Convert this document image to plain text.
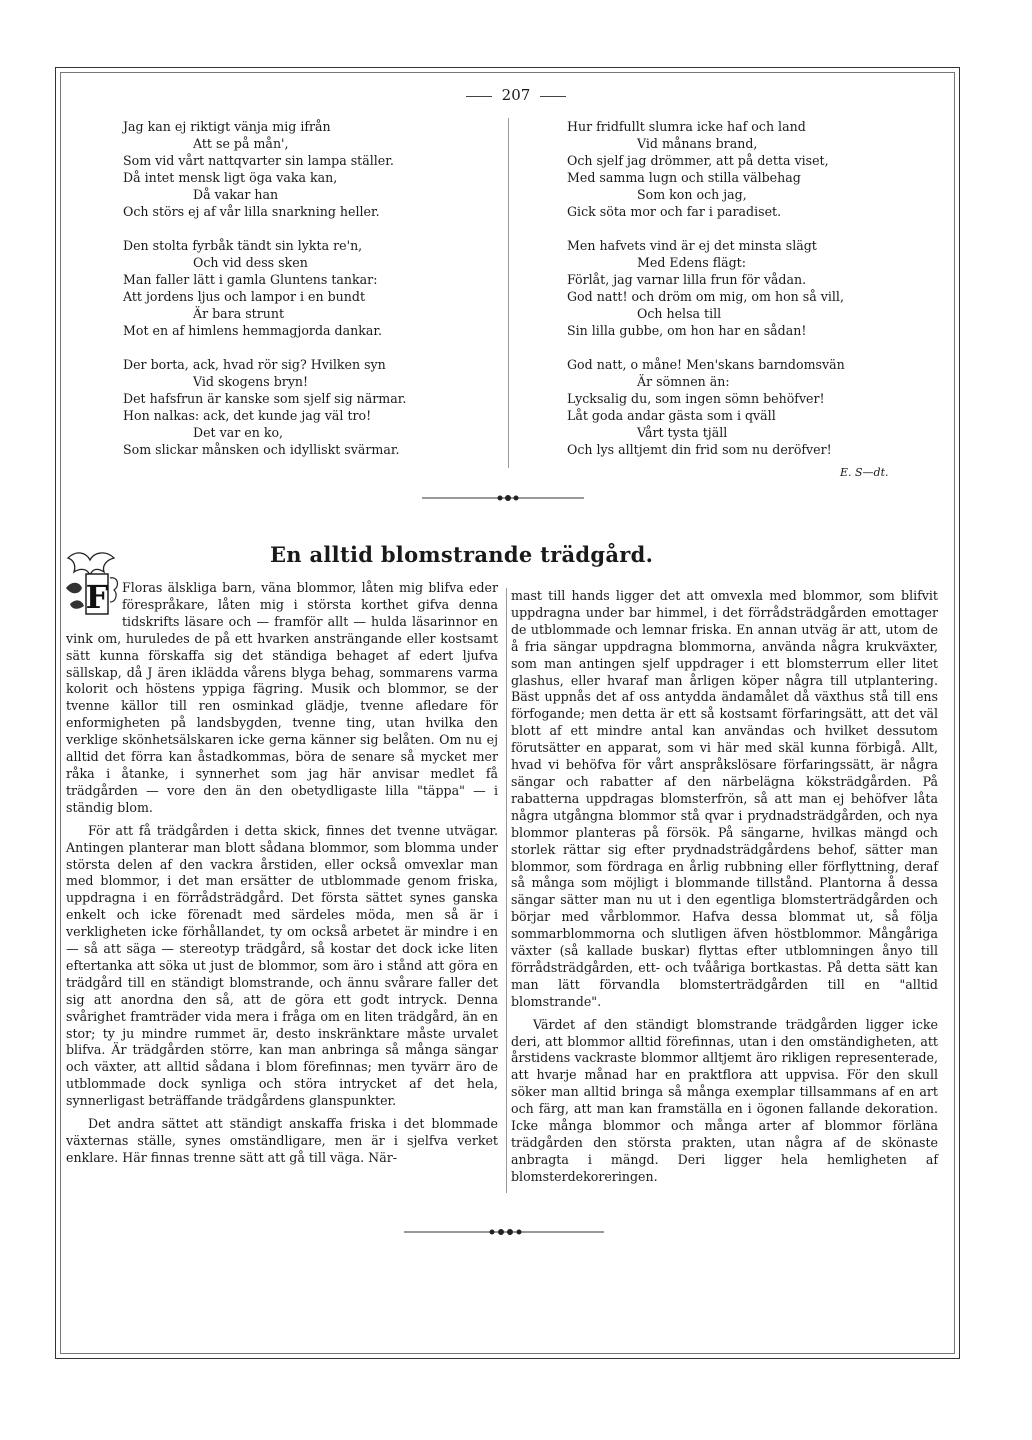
207
Jag kan ej riktigt vänja mig ifrån
Att se på mån',
Som vid vårt nattqvarter sin lampa ställer.
Då intet mensk ligt öga vaka kan,
Då vakar han
Och störs ej af vår lilla snarkning heller.
Den stolta fyrbåk tändt sin lykta re'n,
Och vid dess sken
Man faller lätt i gamla Gluntens tankar:
Att jordens ljus och lampor i en bundt
Är bara strunt
Mot en af himlens hemmagjorda dankar.
Der borta, ack, hvad rör sig? Hvilken syn
Vid skogens bryn!
Det hafsfrun är kanske som sjelf sig närmar.
Hon nalkas: ack, det kunde jag väl tro!
Det var en ko,
Som slickar månsken och idylliskt svärmar.
Hur fridfullt slumra icke haf och land
Vid månans brand,
Och sjelf jag drömmer, att på detta viset,
Med samma lugn och stilla välbehag
Som kon och jag,
Gick söta mor och far i paradiset.
Men hafvets vind är ej det minsta slägt
Med Edens flägt:
Förlåt, jag varnar lilla frun för vådan.
God natt! och dröm om mig, om hon så vill,
Och helsa till
Sin lilla gubbe, om hon har en sådan!
God natt, o måne! Men'skans barndomsvän
Är sömnen än:
Lycksalig du, som ingen sömn behöfver!
Låt goda andar gästa som i qväll
Vårt tysta tjäll
Och lys alltjemt din frid som nu deröfver!
E. S—dt.
F
En alltid blomstrande trädgård.

Floras älskliga barn, väna blommor, låten mig blifva eder förespråkare, låten mig i största korthet gifva denna tidskrifts läsare och — framför allt — hulda läsarinnor en vink om, huruledes de på ett hvarken ansträngande eller kostsamt sätt kunna förskaffa sig det ständiga behaget af edert ljufva sällskap, då J ären iklädda vårens blyga behag, sommarens varma kolorit och höstens yppiga fägring. Musik och blommor, se der tvenne källor till ren osminkad glädje, tvenne afledare för enformigheten på landsbygden, tvenne ting, utan hvilka den verklige skönhetsälskaren icke gerna känner sig belåten. Om nu ej alltid det förra kan åstadkommas, böra de senare så mycket mer råka i åtanke, i synnerhet som jag här anvisar medlet få trädgården — vore den än den obetydligaste lilla "täppa" — i ständig blom.

För att få trädgården i detta skick, finnes det tvenne utvägar. Antingen planterar man blott sådana blommor, som blomma under största delen af den vackra årstiden, eller också omvexlar man med blommor, i det man ersätter de utblommade genom friska, uppdragna i en förrådsträdgård. Det första sättet synes ganska enkelt och icke förenadt med särdeles möda, men så är i verkligheten icke förhållandet, ty om också arbetet är mindre i en — så att säga — stereotyp trädgård, så kostar det dock icke liten eftertanka att söka ut just de blommor, som äro i stånd att göra en trädgård till en ständigt blomstrande, och ännu svårare faller det sig att anordna den så, att de göra ett godt intryck. Denna svårighet framträder vida mera i fråga om en liten trädgård, än en stor; ty ju mindre rummet är, desto inskränktare måste urvalet blifva. Är trädgården större, kan man anbringa så många sängar och växter, att alltid sådana i blom förefinnas; men tyvärr äro de utblommade dock synliga och störa intrycket af det hela, synnerligast beträffande trädgårdens glanspunkter.

Det andra sättet att ständigt anskaffa friska i det blommade växternas ställe, synes omständligare, men är i sjelfva verket enklare. Här finnas trenne sätt att gå till väga. När-

mast till hands ligger det att omvexla med blommor, som blifvit uppdragna under bar himmel, i det förrådsträdgården emottager de utblommade och lemnar friska. En annan utväg är att, utom de å fria sängar uppdragna blommorna, använda några krukväxter, som man antingen sjelf uppdrager i ett blomsterrum eller litet glashus, eller hvaraf man årligen köper några till utplantering. Bäst uppnås det af oss antydda ändamålet då växthus stå till ens förfogande; men detta är ett så kostsamt förfaringsätt, att det väl blott af ett mindre antal kan användas och hvilket dessutom förutsätter en apparat, som vi här med skäl kunna förbigå. Allt, hvad vi behöfva för vårt anspråkslösare förfaringssätt, är några sängar och rabatter af den närbelägna köksträdgården. På rabatterna uppdragas blomsterfrön, så att man ej behöfver låta några utgångna blommor stå qvar i prydnadsträdgården, och nya blommor planteras på försök. På sängarne, hvilkas mängd och storlek rättar sig efter prydnadsträdgårdens behof, sätter man blommor, som fördraga en årlig rubbning eller förflyttning, deraf så många som möjligt i blommande tillstånd. Plantorna å dessa sängar sätter man nu ut i den egentliga blomsterträdgården och börjar med vårblommor. Hafva dessa blommat ut, så följa sommarblommorna och slutligen äfven höstblommor. Mångåriga växter (så kallade buskar) flyttas efter utblomningen ånyo till förrådsträdgården, ett- och tvååriga bortkastas. På detta sätt kan man lätt förvandla blomsterträdgården till en "alltid blomstrande".

Värdet af den ständigt blomstrande trädgården ligger icke deri, att blommor alltid förefinnas, utan i den omständigheten, att årstidens vackraste blommor alltjemt äro rikligen representerade, att hvarje månad har en praktflora att uppvisa. För den skull söker man alltid bringa så många exemplar tillsammans af en art och färg, att man kan framställa en i ögonen fallande dekoration. Icke många blommor och många arter af blommor förläna trädgården den största prakten, utan några af de skönaste anbragta i mängd. Deri ligger hela hemligheten af blomsterdekoreringen.
